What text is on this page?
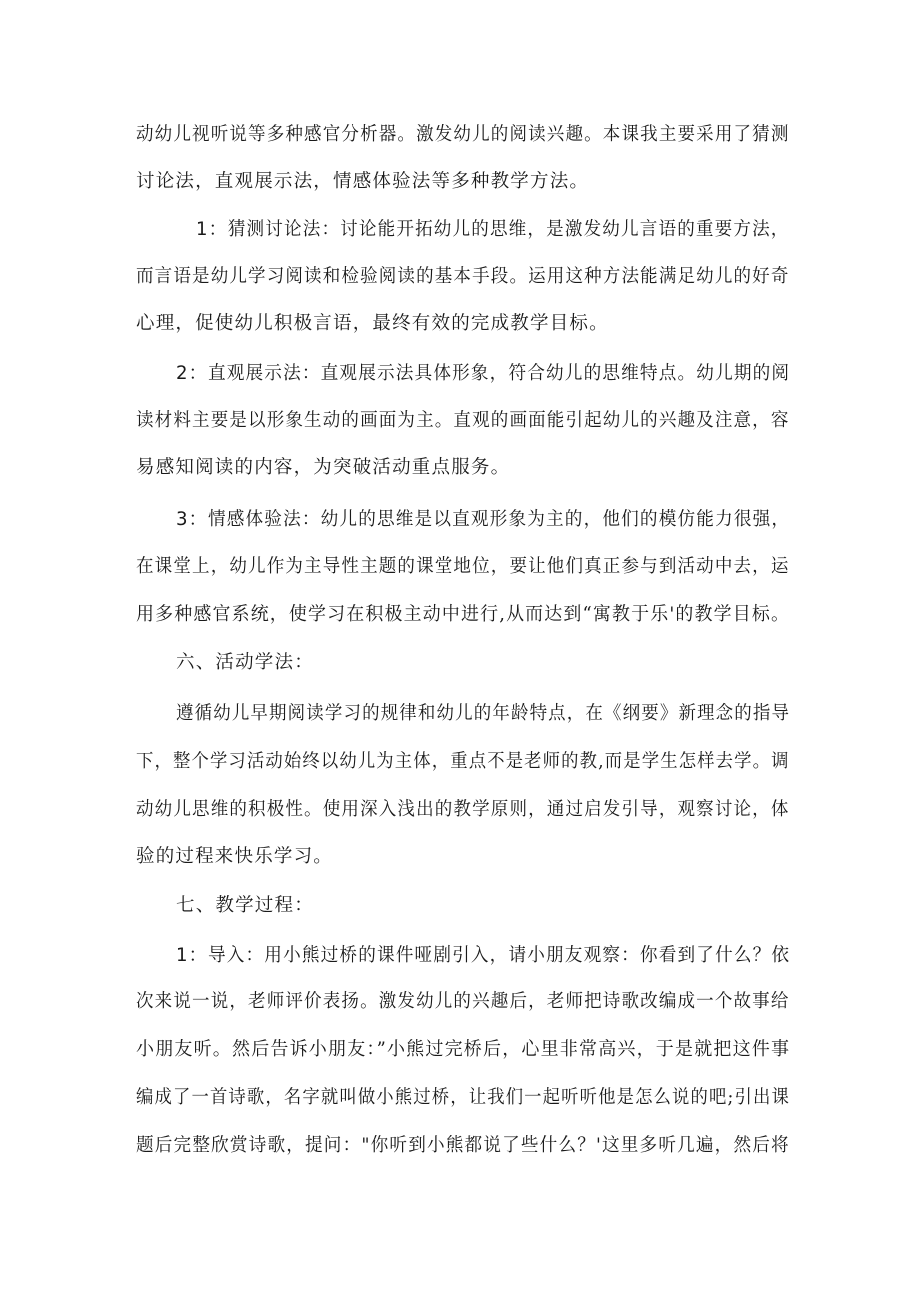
动幼儿视听说等多种感官分析器。激发幼儿的阅读兴趣。本课我主要采用了猜测
讨论法，直观展示法，情感体验法等多种教学方法。
1：猜测讨论法：讨论能开拓幼儿的思维，是激发幼儿言语的重要方法，
而言语是幼儿学习阅读和检验阅读的基本手段。运用这种方法能满足幼儿的好奇
心理，促使幼儿积极言语，最终有效的完成教学目标。
2：直观展示法：直观展示法具体形象，符合幼儿的思维特点。幼儿期的阅
读材料主要是以形象生动的画面为主。直观的画面能引起幼儿的兴趣及注意，容
易感知阅读的内容，为突破活动重点服务。
3：情感体验法：幼儿的思维是以直观形象为主的，他们的模仿能力很强，
在课堂上，幼儿作为主导性主题的课堂地位，要让他们真正参与到活动中去，运
用多种感官系统，使学习在积极主动中进行,从而达到“寓教于乐'的教学目标。
六、活动学法：
遵循幼儿早期阅读学习的规律和幼儿的年龄特点，在《纲要》新理念的指导
下，整个学习活动始终以幼儿为主体，重点不是老师的教,而是学生怎样去学。调
动幼儿思维的积极性。使用深入浅出的教学原则，通过启发引导，观察讨论，体
验的过程来快乐学习。
七、教学过程：
1：导入：用小熊过桥的课件哑剧引入，请小朋友观察：你看到了什么？依
次来说一说，老师评价表扬。激发幼儿的兴趣后，老师把诗歌改编成一个故事给
小朋友听。然后告诉小朋友：”小熊过完桥后，心里非常高兴，于是就把这件事
编成了一首诗歌，名字就叫做小熊过桥，让我们一起听听他是怎么说的吧;引出课
题后完整欣赏诗歌，提问："你听到小熊都说了些什么？'这里多听几遍，然后将
